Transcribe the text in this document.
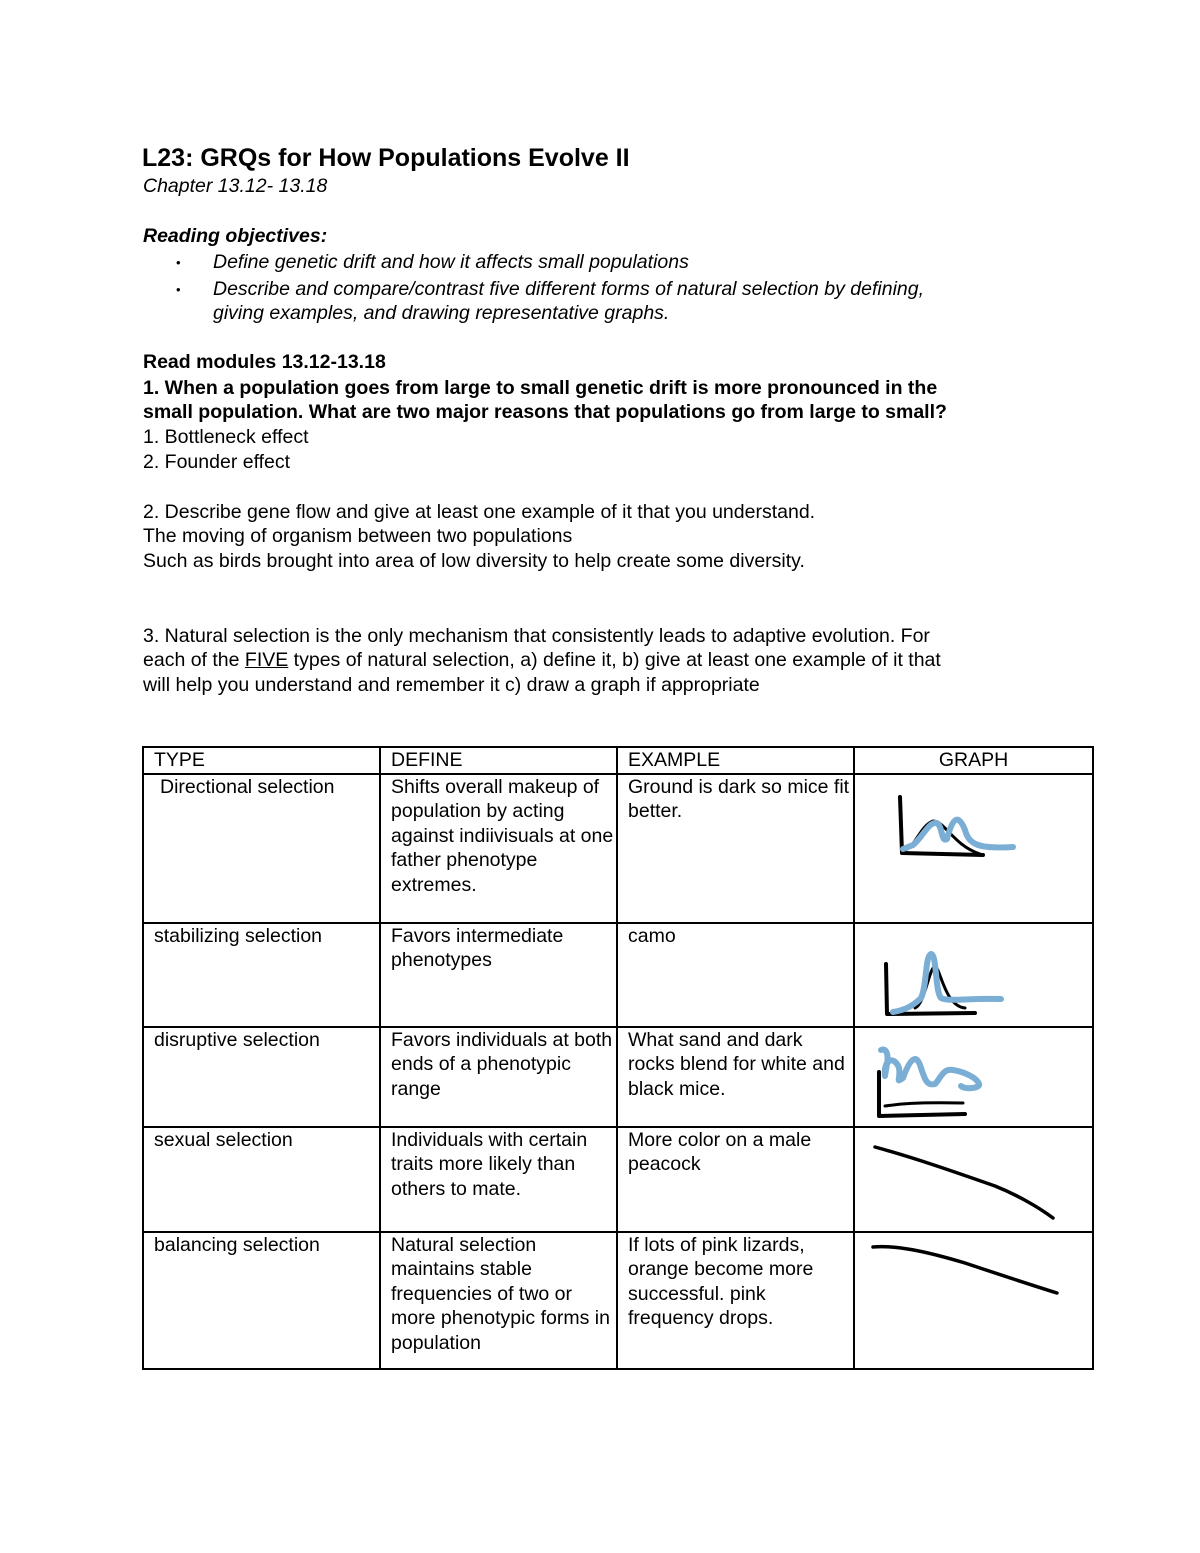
L23: GRQs for How Populations Evolve II
Chapter 13.12- 13.18
Reading objectives:
• Define genetic drift and how it affects small populations
• Describe and compare/contrast five different forms of natural selection by defining,
giving examples, and drawing representative graphs.
Read modules 13.12-13.18
1. When a population goes from large to small genetic drift is more pronounced in the
small population. What are two major reasons that populations go from large to small?
1. Bottleneck effect
2. Founder effect
2. Describe gene flow and give at least one example of it that you understand.
The moving of organism between two populations
Such as birds brought into area of low diversity to help create some diversity.
3. Natural selection is the only mechanism that consistently leads to adaptive evolution. For
each of the FIVE types of natural selection, a) define it, b) give at least one example of it that
will help you understand and remember it c) draw a graph if appropriate
TYPE	DEFINE	EXAMPLE	GRAPH
Directional selection	Shifts overall makeup of population by acting against indiivisuals at one father phenotype extremes.	Ground is dark so mice fit better.	

stabilizing selection	Favors intermediate phenotypes	camo	

disruptive selection	Favors individuals at both ends of a phenotypic range	What sand and dark rocks blend for white and black mice.	

sexual selection	Individuals with certain traits more likely than others to mate.	More color on a male peacock	

balancing selection	Natural selection maintains stable frequencies of two or more phenotypic forms in population	If lots of pink lizards, orange become more successful. pink frequency drops.	
